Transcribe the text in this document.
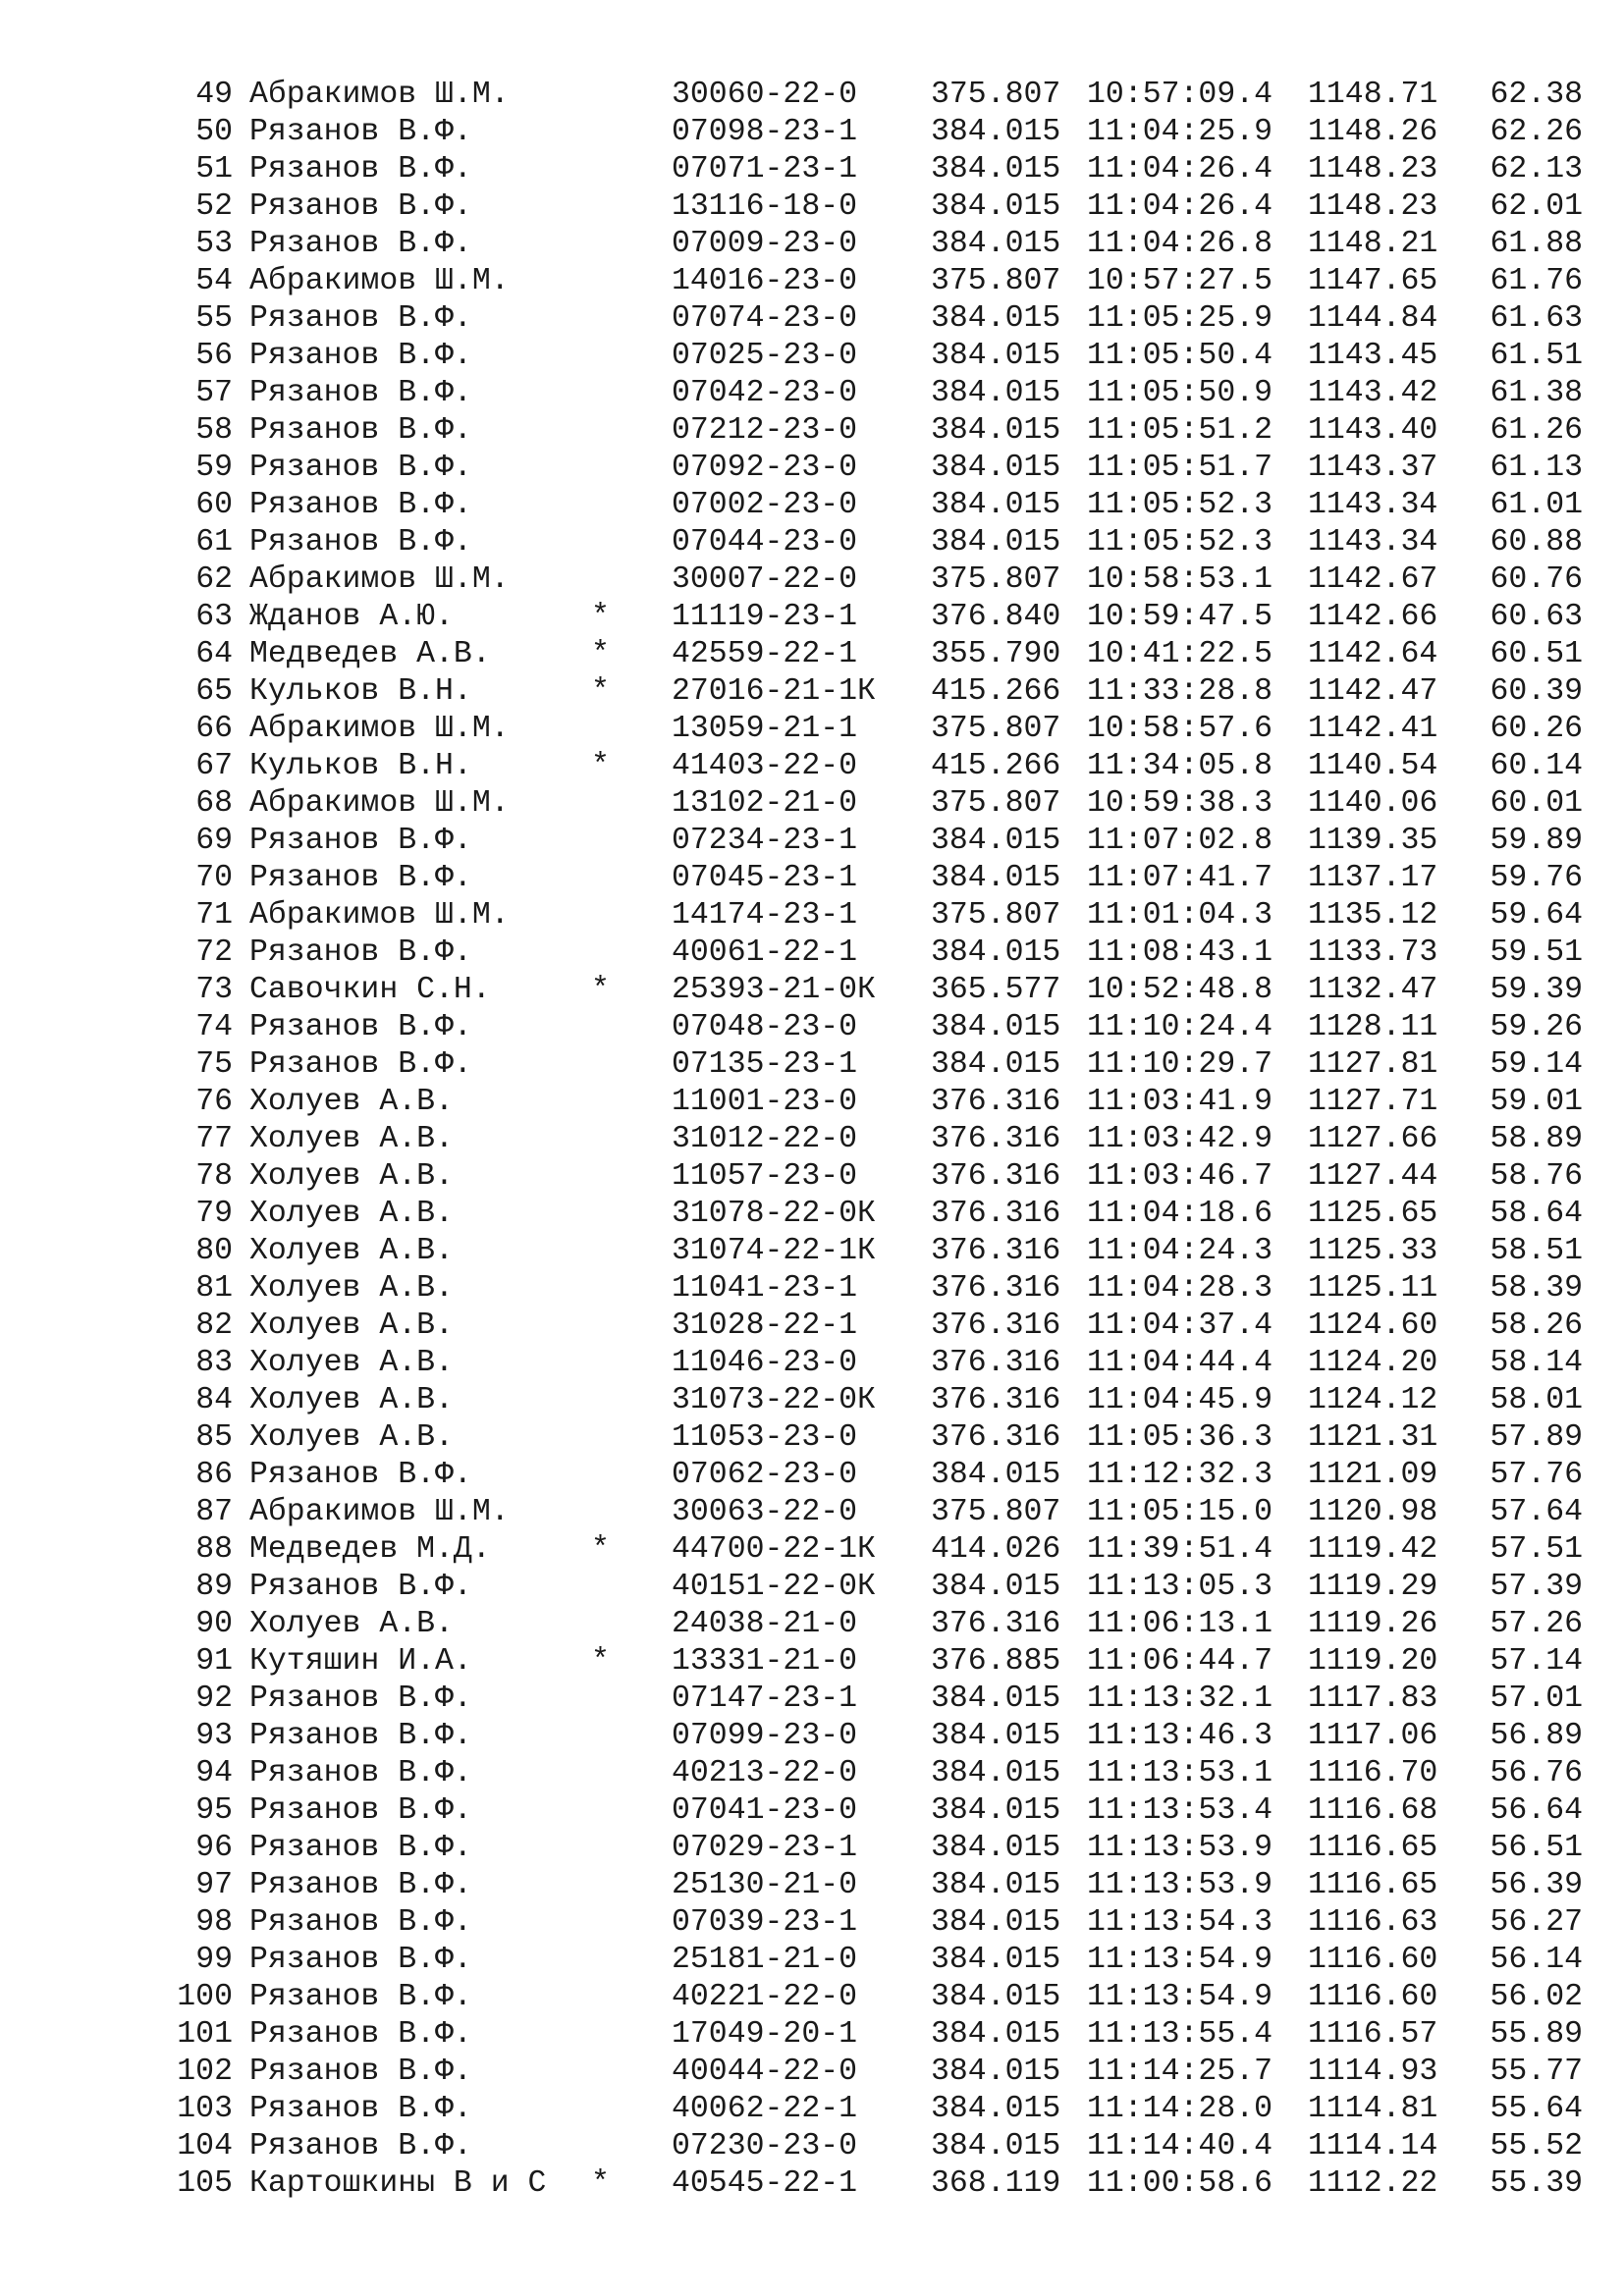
49 Абракимов Ш.М.	30060-22-0 375.807 10:57:09.4 1148.71 62.38
50 Рязанов В.Ф.	07098-23-1 384.015 11:04:25.9 1148.26 62.26
51 Рязанов В.Ф.	07071-23-1 384.015 11:04:26.4 1148.23 62.13
52 Рязанов В.Ф.	13116-18-0 384.015 11:04:26.4 1148.23 62.01
53 Рязанов В.Ф.	07009-23-0 384.015 11:04:26.8 1148.21 61.88
54 Абракимов Ш.М.	14016-23-0 375.807 10:57:27.5 1147.65 61.76
55 Рязанов В.Ф.	07074-23-0 384.015 11:05:25.9 1144.84 61.63
56 Рязанов В.Ф.	07025-23-0 384.015 11:05:50.4 1143.45 61.51
57 Рязанов В.Ф.	07042-23-0 384.015 11:05:50.9 1143.42 61.38
58 Рязанов В.Ф.	07212-23-0 384.015 11:05:51.2 1143.40 61.26
59 Рязанов В.Ф.	07092-23-0 384.015 11:05:51.7 1143.37 61.13
60 Рязанов В.Ф.	07002-23-0 384.015 11:05:52.3 1143.34 61.01
61 Рязанов В.Ф.	07044-23-0 384.015 11:05:52.3 1143.34 60.88
62 Абракимов Ш.М.	30007-22-0 375.807 10:58:53.1 1142.67 60.76
63 Жданов А.Ю.	* 11119-23-1 376.840 10:59:47.5 1142.66 60.63
64 Медведев А.В.	* 42559-22-1 355.790 10:41:22.5 1142.64 60.51
65 Кульков В.Н.	* 27016-21-1К 415.266 11:33:28.8 1142.47 60.39
66 Абракимов Ш.М.	13059-21-1 375.807 10:58:57.6 1142.41 60.26
67 Кульков В.Н.	* 41403-22-0 415.266 11:34:05.8 1140.54 60.14
68 Абракимов Ш.М.	13102-21-0 375.807 10:59:38.3 1140.06 60.01
69 Рязанов В.Ф.	07234-23-1 384.015 11:07:02.8 1139.35 59.89
70 Рязанов В.Ф.	07045-23-1 384.015 11:07:41.7 1137.17 59.76
71 Абракимов Ш.М.	14174-23-1 375.807 11:01:04.3 1135.12 59.64
72 Рязанов В.Ф.	40061-22-1 384.015 11:08:43.1 1133.73 59.51
73 Савочкин С.Н.	* 25393-21-0К 365.577 10:52:48.8 1132.47 59.39
74 Рязанов В.Ф.	07048-23-0 384.015 11:10:24.4 1128.11 59.26
75 Рязанов В.Ф.	07135-23-1 384.015 11:10:29.7 1127.81 59.14
76 Холуев А.В.	11001-23-0 376.316 11:03:41.9 1127.71 59.01
77 Холуев А.В.	31012-22-0 376.316 11:03:42.9 1127.66 58.89
78 Холуев А.В.	11057-23-0 376.316 11:03:46.7 1127.44 58.76
79 Холуев А.В.	31078-22-0К 376.316 11:04:18.6 1125.65 58.64
80 Холуев А.В.	31074-22-1К 376.316 11:04:24.3 1125.33 58.51
81 Холуев А.В.	11041-23-1 376.316 11:04:28.3 1125.11 58.39
82 Холуев А.В.	31028-22-1 376.316 11:04:37.4 1124.60 58.26
83 Холуев А.В.	11046-23-0 376.316 11:04:44.4 1124.20 58.14
84 Холуев А.В.	31073-22-0К 376.316 11:04:45.9 1124.12 58.01
85 Холуев А.В.	11053-23-0 376.316 11:05:36.3 1121.31 57.89
86 Рязанов В.Ф.	07062-23-0 384.015 11:12:32.3 1121.09 57.76
87 Абракимов Ш.М.	30063-22-0 375.807 11:05:15.0 1120.98 57.64
88 Медведев М.Д.	* 44700-22-1К 414.026 11:39:51.4 1119.42 57.51
89 Рязанов В.Ф.	40151-22-0К 384.015 11:13:05.3 1119.29 57.39
90 Холуев А.В.	24038-21-0 376.316 11:06:13.1 1119.26 57.26
91 Кутяшин И.А.	* 13331-21-0 376.885 11:06:44.7 1119.20 57.14
92 Рязанов В.Ф.	07147-23-1 384.015 11:13:32.1 1117.83 57.01
93 Рязанов В.Ф.	07099-23-0 384.015 11:13:46.3 1117.06 56.89
94 Рязанов В.Ф.	40213-22-0 384.015 11:13:53.1 1116.70 56.76
95 Рязанов В.Ф.	07041-23-0 384.015 11:13:53.4 1116.68 56.64
96 Рязанов В.Ф.	07029-23-1 384.015 11:13:53.9 1116.65 56.51
97 Рязанов В.Ф.	25130-21-0 384.015 11:13:53.9 1116.65 56.39
98 Рязанов В.Ф.	07039-23-1 384.015 11:13:54.3 1116.63 56.27
99 Рязанов В.Ф.	25181-21-0 384.015 11:13:54.9 1116.60 56.14
100 Рязанов В.Ф.	40221-22-0 384.015 11:13:54.9 1116.60 56.02
101 Рязанов В.Ф.	17049-20-1 384.015 11:13:55.4 1116.57 55.89
102 Рязанов В.Ф.	40044-22-0 384.015 11:14:25.7 1114.93 55.77
103 Рязанов В.Ф.	40062-22-1 384.015 11:14:28.0 1114.81 55.64
104 Рязанов В.Ф.	07230-23-0 384.015 11:14:40.4 1114.14 55.52
105 Картошкины В и С * 40545-22-1 368.119 11:00:58.6 1112.22 55.39
